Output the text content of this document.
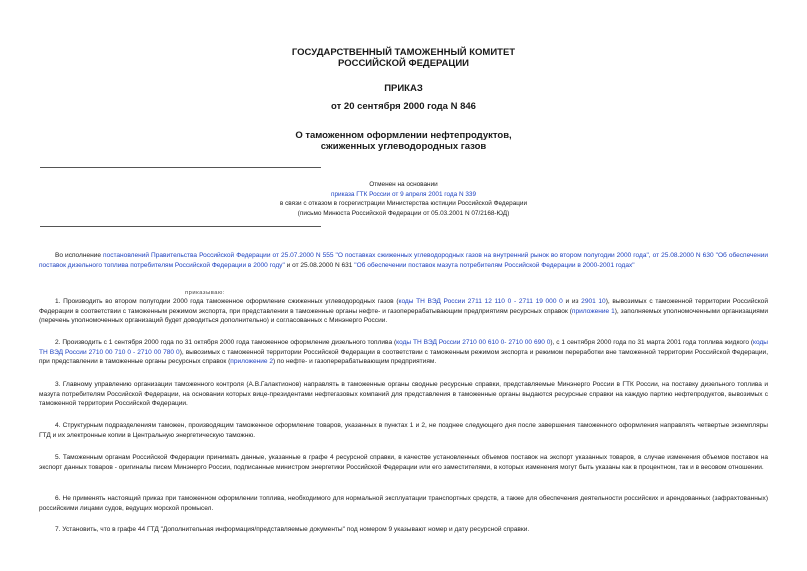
ГОСУДАРСТВЕННЫЙ ТАМОЖЕННЫЙ КОМИТЕТ
РОССИЙСКОЙ ФЕДЕРАЦИИ
ПРИКАЗ
от 20 сентября 2000 года N 846
О таможенном оформлении нефтепродуктов,
сжиженных углеводородных газов
Отменен на основании
приказа ГТК России от 9 апреля 2001 года N 339
в связи с отказом в госрегистрации Министерства юстиции Российской Федерации
(письмо Минюста Российской Федерации от 05.03.2001 N 07/2168-ЮД)
Во исполнение постановлений Правительства Российской Федерации от 25.07.2000 N 555 "О поставках сжиженных углеводородных газов на внутренний рынок во втором полугодии 2000 года", от 25.08.2000 N 630 "Об обеспечении поставок дизельного топлива потребителям Российской Федерации в 2000 году" и от 25.08.2000 N 631 "Об обеспечении поставок мазута потребителям Российской Федерации в 2000-2001 годах"
приказываю:
1. Производить во втором полугодии 2000 года таможенное оформление сжиженных углеводородных газов (коды ТН ВЭД России 2711 12 110 0 - 2711 19 000 0 и из 2901 10), вывозимых с таможенной территории Российской Федерации в соответствии с таможенным режимом экспорта, при представлении в таможенные органы нефте- и газоперерабатывающим предприятиям ресурсных справок (приложение 1), заполняемых уполномоченными организациями (перечень уполномоченных организаций будет доводиться дополнительно) и согласованных с Минэнерго России.
2. Производить с 1 сентября 2000 года по 31 октября 2000 года таможенное оформление дизельного топлива (коды ТН ВЭД России 2710 00 610 0- 2710 00 690 0), с 1 сентября 2000 года по 31 марта 2001 года топлива жидкого (коды ТН ВЭД России 2710 00 710 0 - 2710 00 780 0), вывозимых с таможенной территории Российской Федерации в соответствии с таможенным режимом экспорта и режимом переработки вне таможенной территории Российской Федерации, при представлении в таможенные органы ресурсных справок (приложение 2) по нефте- и газоперерабатывающим предприятиям.
3. Главному управлению организации таможенного контроля (А.В.Галактионов) направлять в таможенные органы сводные ресурсные справки, представляемые Минэнерго России в ГТК России, на поставку дизельного топлива и мазута потребителям Российской Федерации, на основании которых вице-президентами нефтегазовых компаний для представления в таможенные органы выдаются ресурсные справки на каждую партию нефтепродуктов, вывозимых с таможенной территории Российской Федерации.
4. Структурным подразделениям таможен, производящим таможенное оформление товаров, указанных в пунктах 1 и 2, не позднее следующего дня после завершения таможенного оформления направлять четвертые экземпляры ГТД и их электронные копии в Центральную энергетическую таможню.
5. Таможенным органам Российской Федерации принимать данные, указанные в графе 4 ресурсной справки, в качестве установленных объемов поставок на экспорт указанных товаров, в случае изменения объемов поставок на экспорт данных товаров - оригиналы писем Минэнерго России, подписанные министром энергетики Российской Федерации или его заместителями, в которых изменения могут быть указаны как в процентном, так и в весовом отношении.
6. Не применять настоящий приказ при таможенном оформлении топлива, необходимого для нормальной эксплуатации транспортных средств, а также для обеспечения деятельности российских и арендованных (зафрахтованных) российскими лицами судов, ведущих морской промысел.
7. Установить, что в графе 44 ГТД "Дополнительная информация/представляемые документы" под номером 9 указывают номер и дату ресурсной справки.
